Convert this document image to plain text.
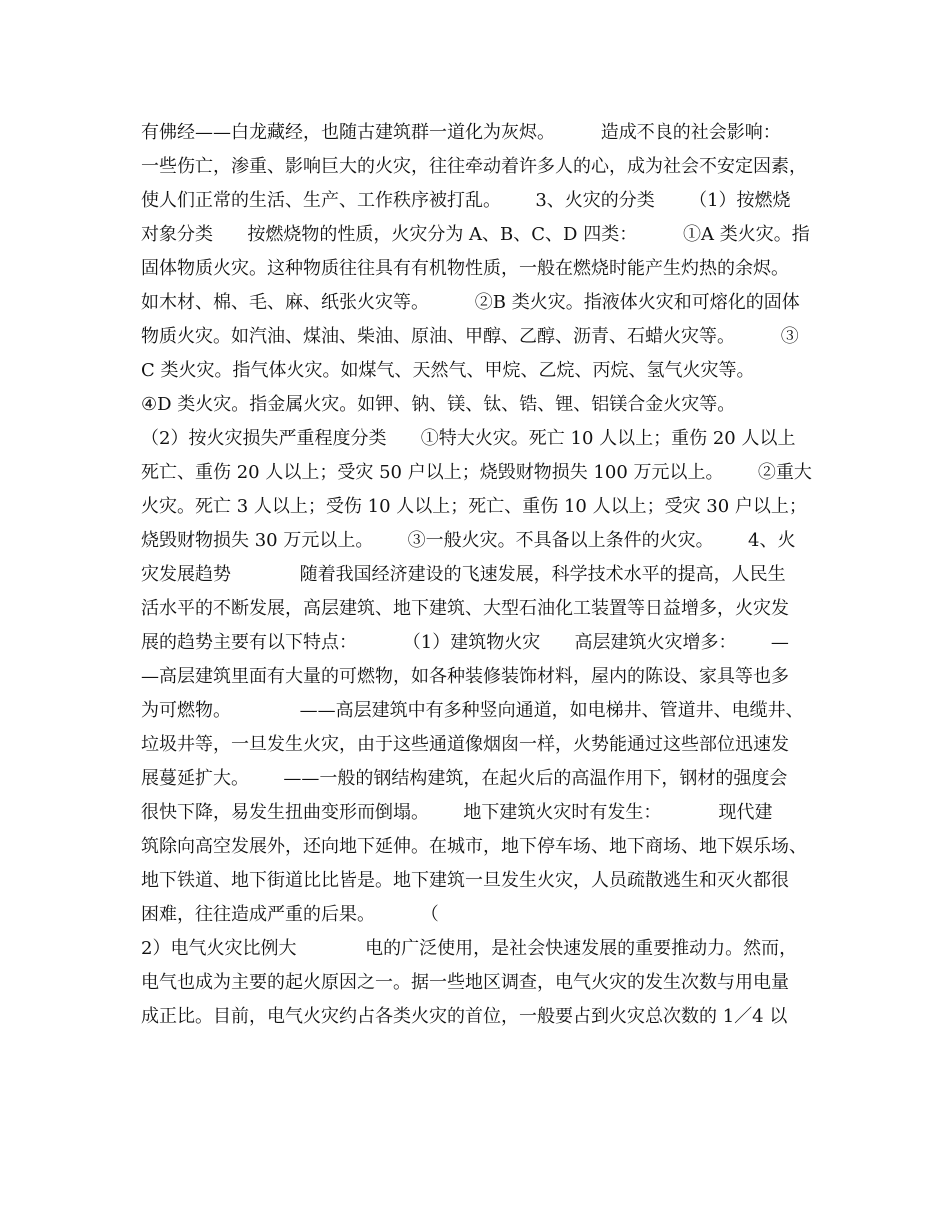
有佛经——白龙藏经，也随古建筑群一道化为灰烬。        造成不良的社会影响：
一些伤亡，渗重、影响巨大的火灾，往往牵动着许多人的心，成为社会不安定因素，
使人们正常的生活、生产、工作秩序被打乱。      3、火灾的分类      （1）按燃烧
对象分类      按燃烧物的性质，火灾分为 A、B、C、D 四类：        ①A 类火灾。指
固体物质火灾。这种物质往往具有有机物性质，一般在燃烧时能产生灼热的余烬。
如木材、棉、毛、麻、纸张火灾等。        ②B 类火灾。指液体火灾和可熔化的固体
物质火灾。如汽油、煤油、柴油、原油、甲醇、乙醇、沥青、石蜡火灾等。        ③
C 类火灾。指气体火灾。如煤气、天然气、甲烷、乙烷、丙烷、氢气火灾等。
④D 类火灾。指金属火灾。如钾、钠、镁、钛、锆、锂、铝镁合金火灾等。
（2）按火灾损失严重程度分类      ①特大火灾。死亡 10 人以上；重伤 20 人以上
死亡、重伤 20 人以上；受灾 50 户以上；烧毁财物损失 100 万元以上。      ②重大
火灾。死亡 3 人以上；受伤 10 人以上；死亡、重伤 10 人以上；受灾 30 户以上；
烧毁财物损失 30 万元以上。      ③一般火灾。不具备以上条件的火灾。      4、火
灾发展趋势            随着我国经济建设的飞速发展，科学技术水平的提高，人民生
活水平的不断发展，高层建筑、地下建筑、大型石油化工装置等日益增多，火灾发
展的趋势主要有以下特点：        （1）建筑物火灾      高层建筑火灾增多：      —
—高层建筑里面有大量的可燃物，如各种装修装饰材料，屋内的陈设、家具等也多
为可燃物。            ——高层建筑中有多种竖向通道，如电梯井、管道井、电缆井、
垃圾井等，一旦发生火灾，由于这些通道像烟囱一样，火势能通过这些部位迅速发
展蔓延扩大。      ——一般的钢结构建筑，在起火后的高温作用下，钢材的强度会
很快下降，易发生扭曲变形而倒塌。      地下建筑火灾时有发生：          现代建
筑除向高空发展外，还向地下延伸。在城市，地下停车场、地下商场、地下娱乐场、
地下铁道、地下街道比比皆是。地下建筑一旦发生火灾，人员疏散逃生和灭火都很
困难，往往造成严重的后果。        （
2）电气火灾比例大            电的广泛使用，是社会快速发展的重要推动力。然而，
电气也成为主要的起火原因之一。据一些地区调查，电气火灾的发生次数与用电量
成正比。目前，电气火灾约占各类火灾的首位，一般要占到火灾总次数的 1／4 以
